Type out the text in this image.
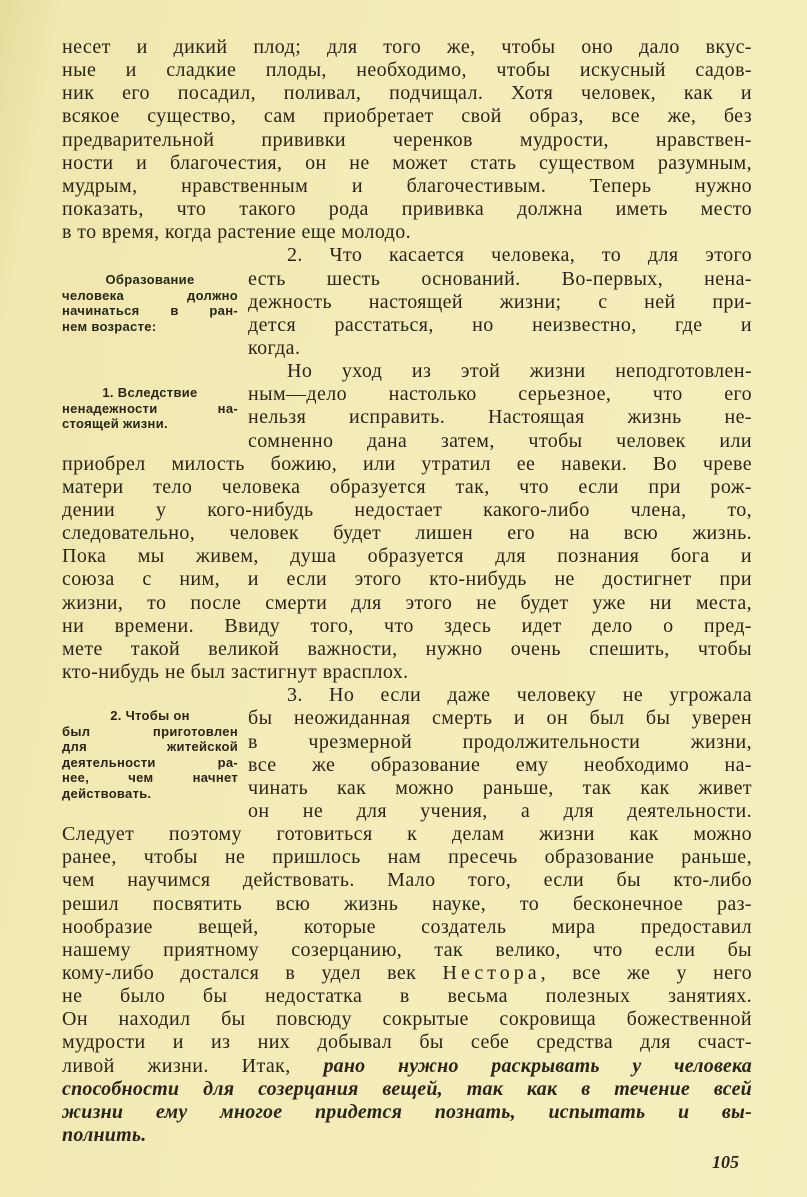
несет и дикий плод; для того же, чтобы оно дало вкус-
ные и сладкие плоды, необходимо, чтобы искусный садов-
ник его посадил, поливал, подчищал. Хотя человек, как и
всякое существо, сам приобретает свой образ, все же, без
предварительной прививки черенков мудрости, нравствен-
ности и благочестия, он не может стать существом разумным,
мудрым, нравственным и благочестивым. Теперь нужно
показать, что такого рода прививка должна иметь место
в то время, когда растение еще молодо.
2. Что касается человека, то для этого
есть шесть оснований. Во-первых, нена-
дежность настоящей жизни; с ней при-
дется расстаться, но неизвестно, где и
когда.
Но уход из этой жизни неподготовлен-
ным—дело настолько серьезное, что его
нельзя исправить. Настоящая жизнь не-
сомненно дана затем, чтобы человек или
приобрел милость божию, или утратил ее навеки. Во чреве
матери тело человека образуется так, что если при рож-
дении у кого-нибудь недостает какого-либо члена, то,
следовательно, человек будет лишен его на всю жизнь.
Пока мы живем, душа образуется для познания бога и
союза с ним, и если этого кто-нибудь не достигнет при
жизни, то после смерти для этого не будет уже ни места,
ни времени. Ввиду того, что здесь идет дело о пред-
мете такой великой важности, нужно очень спешить, чтобы
кто-нибудь не был застигнут врасплох.
3. Но если даже человеку не угрожала
бы неожиданная смерть и он был бы уверен
в чрезмерной продолжительности жизни,
все же образование ему необходимо на-
чинать как можно раньше, так как живет
он не для учения, а для деятельности.
Следует поэтому готовиться к делам жизни как можно
ранее, чтобы не пришлось нам пресечь образование раньше,
чем научимся действовать. Мало того, если бы кто-либо
решил посвятить всю жизнь науке, то бесконечное раз-
нообразие вещей, которые создатель мира предоставил
нашему приятному созерцанию, так велико, что если бы
кому-либо достался в удел век Нестора, все же у него
не было бы недостатка в весьма полезных занятиях.
Он находил бы повсюду сокрытые сокровища божественной
мудрости и из них добывал бы себе средства для счаст-
ливой жизни. Итак, рано нужно раскрывать у человека
способности для созерцания вещей, так как в течение всей
жизни ему многое придется познать, испытать и вы-
полнить.
Образование
человека должно
начинаться в ран-
нем возрасте:
1. Вследствие
ненадежности на-
стоящей жизни.
2. Чтобы он
был приготовлен
для житейской
деятельности ра-
нее, чем начнет
действовать.
105
